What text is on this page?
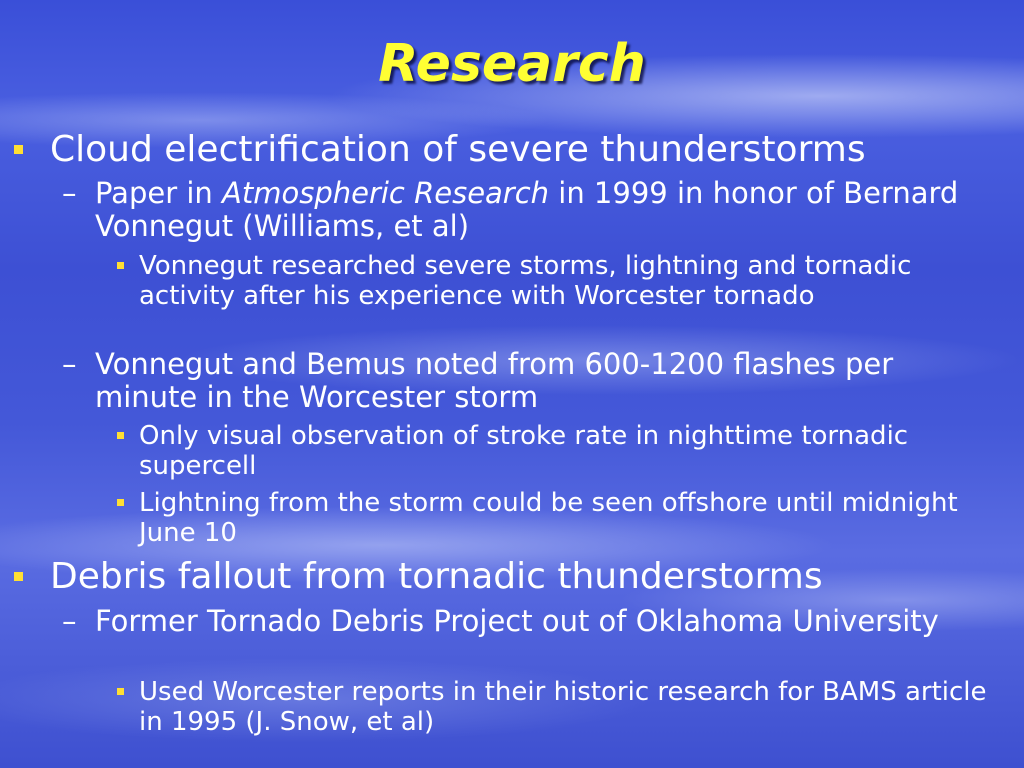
Research
Cloud electrification of severe thunderstorms
– Paper in Atmospheric Research in 1999 in honor of Bernard Vonnegut (Williams, et al)
Vonnegut researched severe storms, lightning and tornadic activity after his experience with Worcester tornado
– Vonnegut and Bemus noted from 600-1200 flashes per minute in the Worcester storm
Only visual observation of stroke rate in nighttime tornadic supercell
Lightning from the storm could be seen offshore until midnight June 10
Debris fallout from tornadic thunderstorms
– Former Tornado Debris Project out of Oklahoma University
Used Worcester reports in their historic research for BAMS article in 1995 (J. Snow, et al)
